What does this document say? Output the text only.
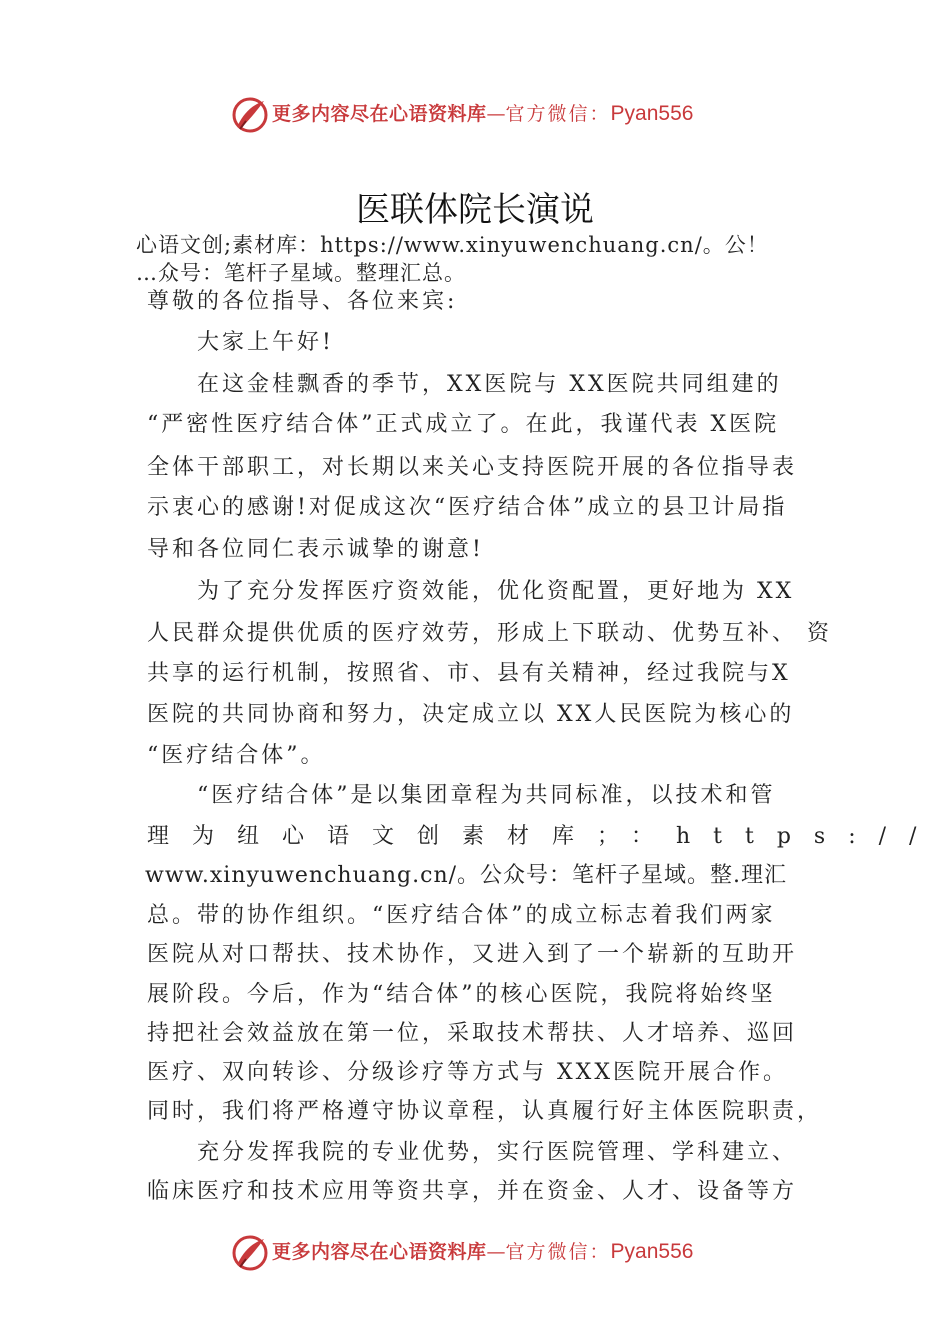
更多内容尽在心语资料库—官方微信：Pyan556
医联体院长演说
心语文创;素材库：https://www.xinyuwenchuang.cn/。公！
…众号：笔杆子星域。整理汇总。
尊敬的各位指导、各位来宾:
大家上午好!
在这金桂飘香的季节，XX医院与 XX医院共同组建的
“严密性医疗结合体”正式成立了。在此，我谨代表 X医院
全体干部职工，对长期以来关心支持医院开展的各位指导表
示衷心的感谢!对促成这次“医疗结合体”成立的县卫计局指
导和各位同仁表示诚挚的谢意!
为了充分发挥医疗资效能，优化资配置，更好地为 XX
人民群众提供优质的医疗效劳，形成上下联动、优势互补、 资
共享的运行机制，按照省、市、县有关精神，经过我院与X
医院的共同协商和努力，决定成立以 XX人民医院为核心的
“医疗结合体”。
“医疗结合体”是以集团章程为共同标准，以技术和管
理为纽心语文创素材库；：https://
www.xinyuwenchuang.cn/。公众号：笔杆子星域。整.理汇
总。带的协作组织。“医疗结合体”的成立标志着我们两家
医院从对口帮扶、技术协作，又进入到了一个崭新的互助开
展阶段。今后，作为“结合体”的核心医院，我院将始终坚
持把社会效益放在第一位，采取技术帮扶、人才培养、巡回
医疗、双向转诊、分级诊疗等方式与 XXX医院开展合作。
同时，我们将严格遵守协议章程，认真履行好主体医院职责，
充分发挥我院的专业优势，实行医院管理、学科建立、
临床医疗和技术应用等资共享，并在资金、人才、设备等方
更多内容尽在心语资料库—官方微信：Pyan556
